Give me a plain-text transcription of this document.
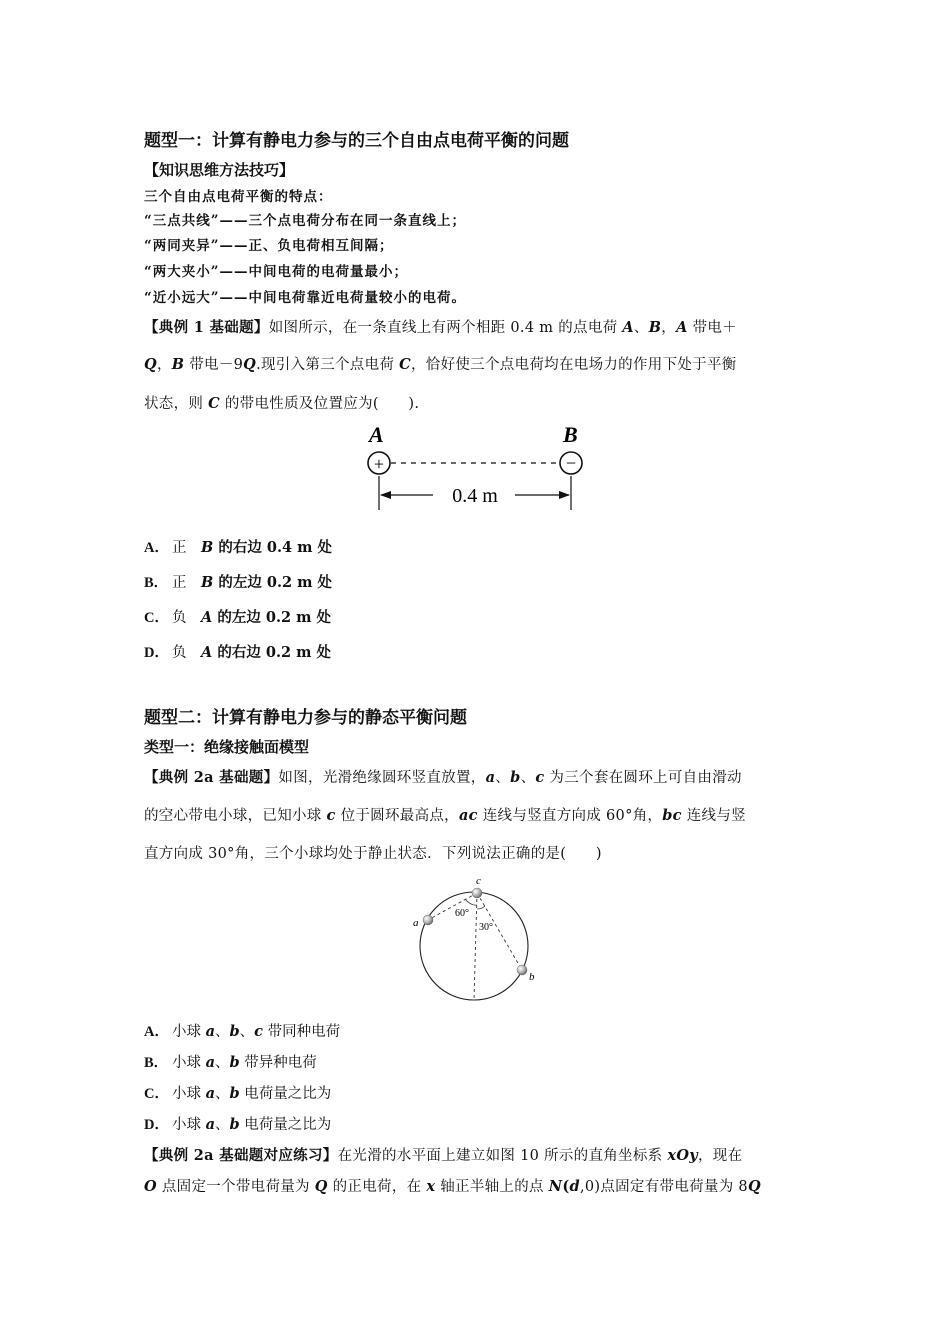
题型一：计算有静电力参与的三个自由点电荷平衡的问题
【知识思维方法技巧】
三个自由点电荷平衡的特点：
“三点共线”——三个点电荷分布在同一条直线上；
“两同夹异”——正、负电荷相互间隔；
“两大夹小”——中间电荷的电荷量最小；
“近小远大”——中间电荷靠近电荷量较小的电荷。
【典例 1 基础题】如图所示，在一条直线上有两个相距 0.4 m 的点电荷 A、B，A 带电＋
Q，B 带电－9Q.现引入第三个点电荷 C，恰好使三个点电荷均在电场力的作用下处于平衡
状态，则 C 的带电性质及位置应为(　　).
A	B
+	−
0.4 m
A． 正　 B 的右边 0.4 m 处
B． 正　 B 的左边 0.2 m 处
C． 负　 A 的左边 0.2 m 处
D． 负　 A 的右边 0.2 m 处
题型二：计算有静电力参与的静态平衡问题
类型一：绝缘接触面模型
【典例 2a 基础题】如图，光滑绝缘圆环竖直放置，a、b、c 为三个套在圆环上可自由滑动
的空心带电小球，已知小球 c 位于圆环最高点，ac 连线与竖直方向成 60°角，bc 连线与竖
直方向成 30°角，三个小球均处于静止状态．下列说法正确的是(　　)
c
a
b
60°
30°
A． 小球 a、b、c 带同种电荷
B． 小球 a、b 带异种电荷
C． 小球 a、b 电荷量之比为
D． 小球 a、b 电荷量之比为
【典例 2a 基础题对应练习】在光滑的水平面上建立如图 10 所示的直角坐标系 xOy，现在
O 点固定一个带电荷量为 Q 的正电荷，在 x 轴正半轴上的点 N(d,0)点固定有带电荷量为 8Q
